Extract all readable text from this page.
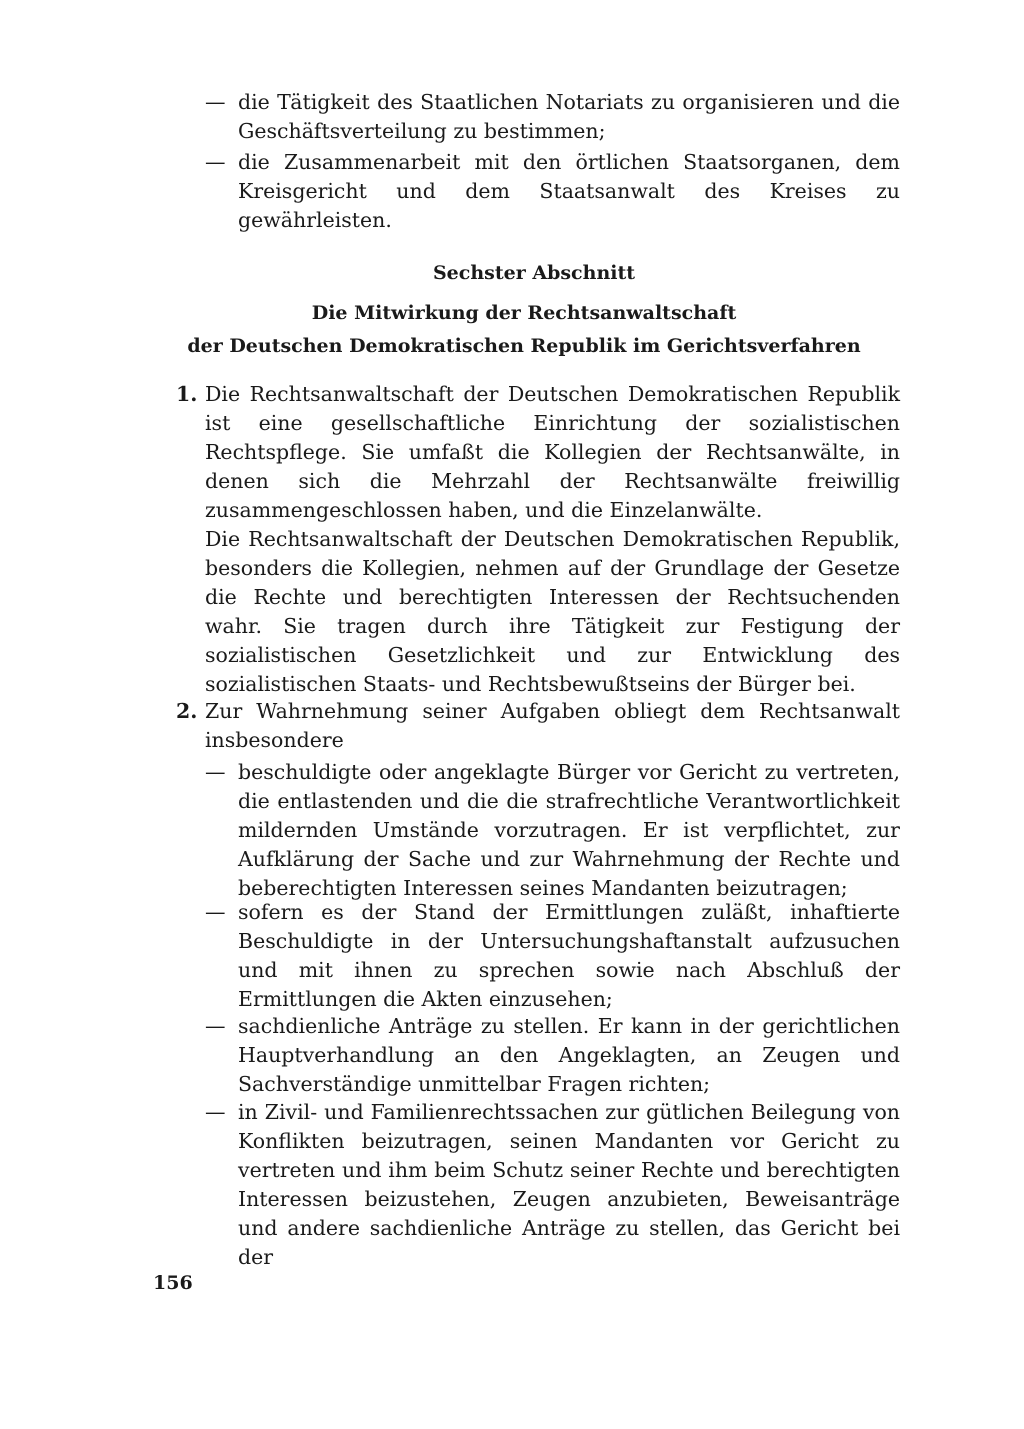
— die Tätigkeit des Staatlichen Notariats zu organisieren und die Geschäftsverteilung zu bestimmen;
— die Zusammenarbeit mit den örtlichen Staatsorganen, dem Kreisgericht und dem Staatsanwalt des Kreises zu gewährleisten.
Sechster Abschnitt
Die Mitwirkung der Rechtsanwaltschaft
der Deutschen Demokratischen Republik im Gerichtsverfahren
1. Die Rechtsanwaltschaft der Deutschen Demokratischen Republik ist eine gesellschaftliche Einrichtung der sozialistischen Rechtspflege. Sie umfaßt die Kollegien der Rechtsanwälte, in denen sich die Mehrzahl der Rechtsanwälte freiwillig zusammengeschlossen haben, und die Einzelanwälte.

Die Rechtsanwaltschaft der Deutschen Demokratischen Republik, besonders die Kollegien, nehmen auf der Grundlage der Gesetze die Rechte und berechtigten Interessen der Rechtsuchenden wahr. Sie tragen durch ihre Tätigkeit zur Festigung der sozialistischen Gesetzlichkeit und zur Entwicklung des sozialistischen Staats- und Rechtsbewußtseins der Bürger bei.

2. Zur Wahrnehmung seiner Aufgaben obliegt dem Rechtsanwalt insbesondere

— beschuldigte oder angeklagte Bürger vor Gericht zu vertreten, die entlastenden und die die strafrechtliche Verantwortlichkeit mildernden Umstände vorzutragen. Er ist verpflichtet, zur Aufklärung der Sache und zur Wahrnehmung der Rechte und beberechtigten Interessen seines Mandanten beizutragen;
— sofern es der Stand der Ermittlungen zuläßt, inhaftierte Beschuldigte in der Untersuchungshaftanstalt aufzusuchen und mit ihnen zu sprechen sowie nach Abschluß der Ermittlungen die Akten einzusehen;
— sachdienliche Anträge zu stellen. Er kann in der gerichtlichen Hauptverhandlung an den Angeklagten, an Zeugen und Sachverständige unmittelbar Fragen richten;
— in Zivil- und Familienrechtssachen zur gütlichen Beilegung von Konflikten beizutragen, seinen Mandanten vor Gericht zu vertreten und ihm beim Schutz seiner Rechte und berechtigten Interessen beizustehen, Zeugen anzubieten, Beweisanträge und andere sachdienliche Anträge zu stellen, das Gericht bei der
156
